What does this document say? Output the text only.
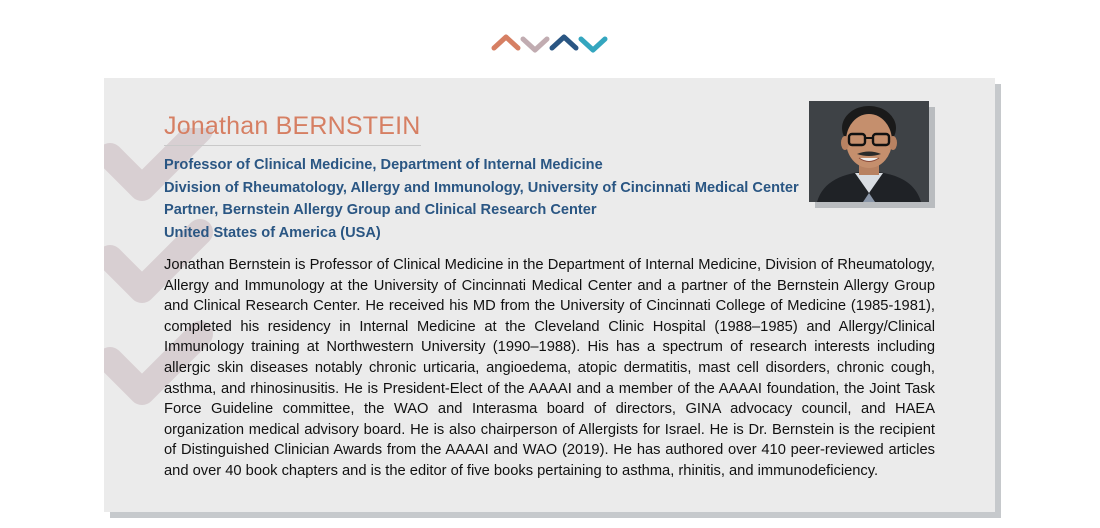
Jonathan BERNSTEIN
Professor of Clinical Medicine, Department of Internal Medicine
Division of Rheumatology, Allergy and Immunology, University of Cincinnati Medical Center
Partner, Bernstein Allergy Group and Clinical Research Center
United States of America (USA)

Jonathan Bernstein is Professor of Clinical Medicine in the Department of Internal Medicine, Division of Rheumatology, Allergy and Immunology at the University of Cincinnati Medical Center and a partner of the Bernstein Allergy Group and Clinical Research Center. He received his MD from the University of Cincinnati College of Medicine (1985-1981), completed his residency in Internal Medicine at the Cleveland Clinic Hospital (1988–1985) and Allergy/Clinical Immunology training at Northwestern University (1990–1988). His has a spectrum of research interests including allergic skin diseases notably chronic urticaria, angioedema, atopic dermatitis, mast cell disorders, chronic cough, asthma, and rhinosinusitis. He is President-Elect of the AAAAI and a member of the AAAAI foundation, the Joint Task Force Guideline committee, the WAO and Interasma board of directors, GINA advocacy council, and HAEA organization medical advisory board. He is also chairperson of Allergists for Israel. He is Dr. Bernstein is the recipient of Distinguished Clinician Awards from the AAAAI and WAO (2019). He has authored over 410 peer-reviewed articles and over 40 book chapters and is the editor of five books pertaining to asthma, rhinitis, and immunodeficiency.
